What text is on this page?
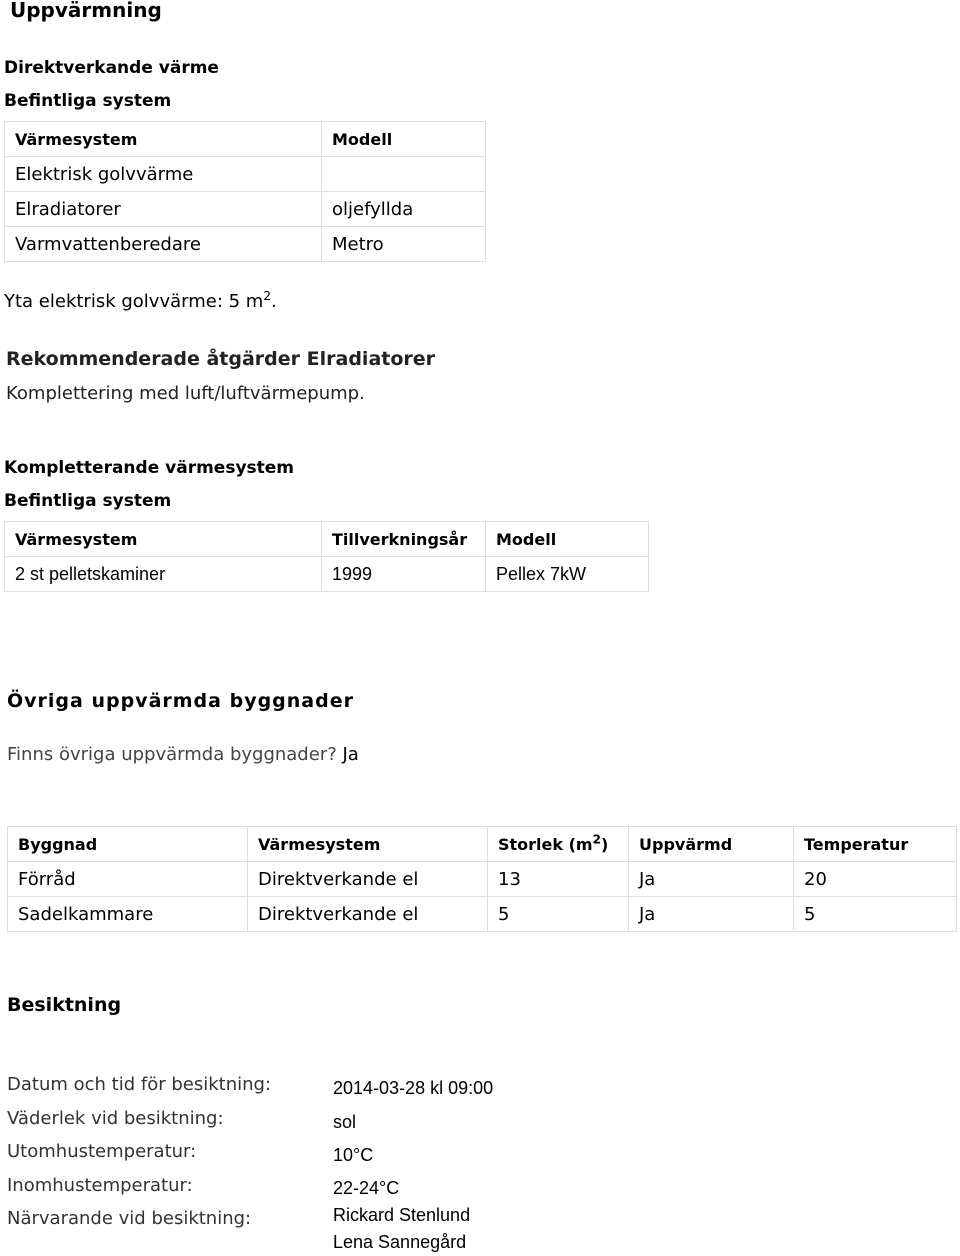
Uppvärmning
Direktverkande värme
Befintliga system
Värmesystem	Modell
Elektrisk golvvärme	
Elradiatorer	oljefyllda
Varmvattenberedare	Metro
Yta elektrisk golvvärme: 5 $m^2$.
Rekommenderade åtgärder Elradiatorer
Komplettering med luft/luftvärmepump.
Kompletterande värmesystem
Befintliga system
Värmesystem	Tillverkningsår	Modell
2 st pelletskaminer	1999	Pellex 7kW
Övriga uppvärmda byggnader
Finns övriga uppvärmda byggnader? Ja
Byggnad	Värmesystem	Storlek $(m^2)$	Uppvärmd	Temperatur
Förråd	Direktverkande el	13	Ja	20
Sadelkammare	Direktverkande el	5	Ja	5
Besiktning
Datum och tid för besiktning:	2014-03-28 kl 09:00
Väderlek vid besiktning:	sol
Utomhustemperatur:	10°C
Inomhustemperatur:	22-24°C
Närvarande vid besiktning:	Rickard Stenlund
Lena Sannegård
